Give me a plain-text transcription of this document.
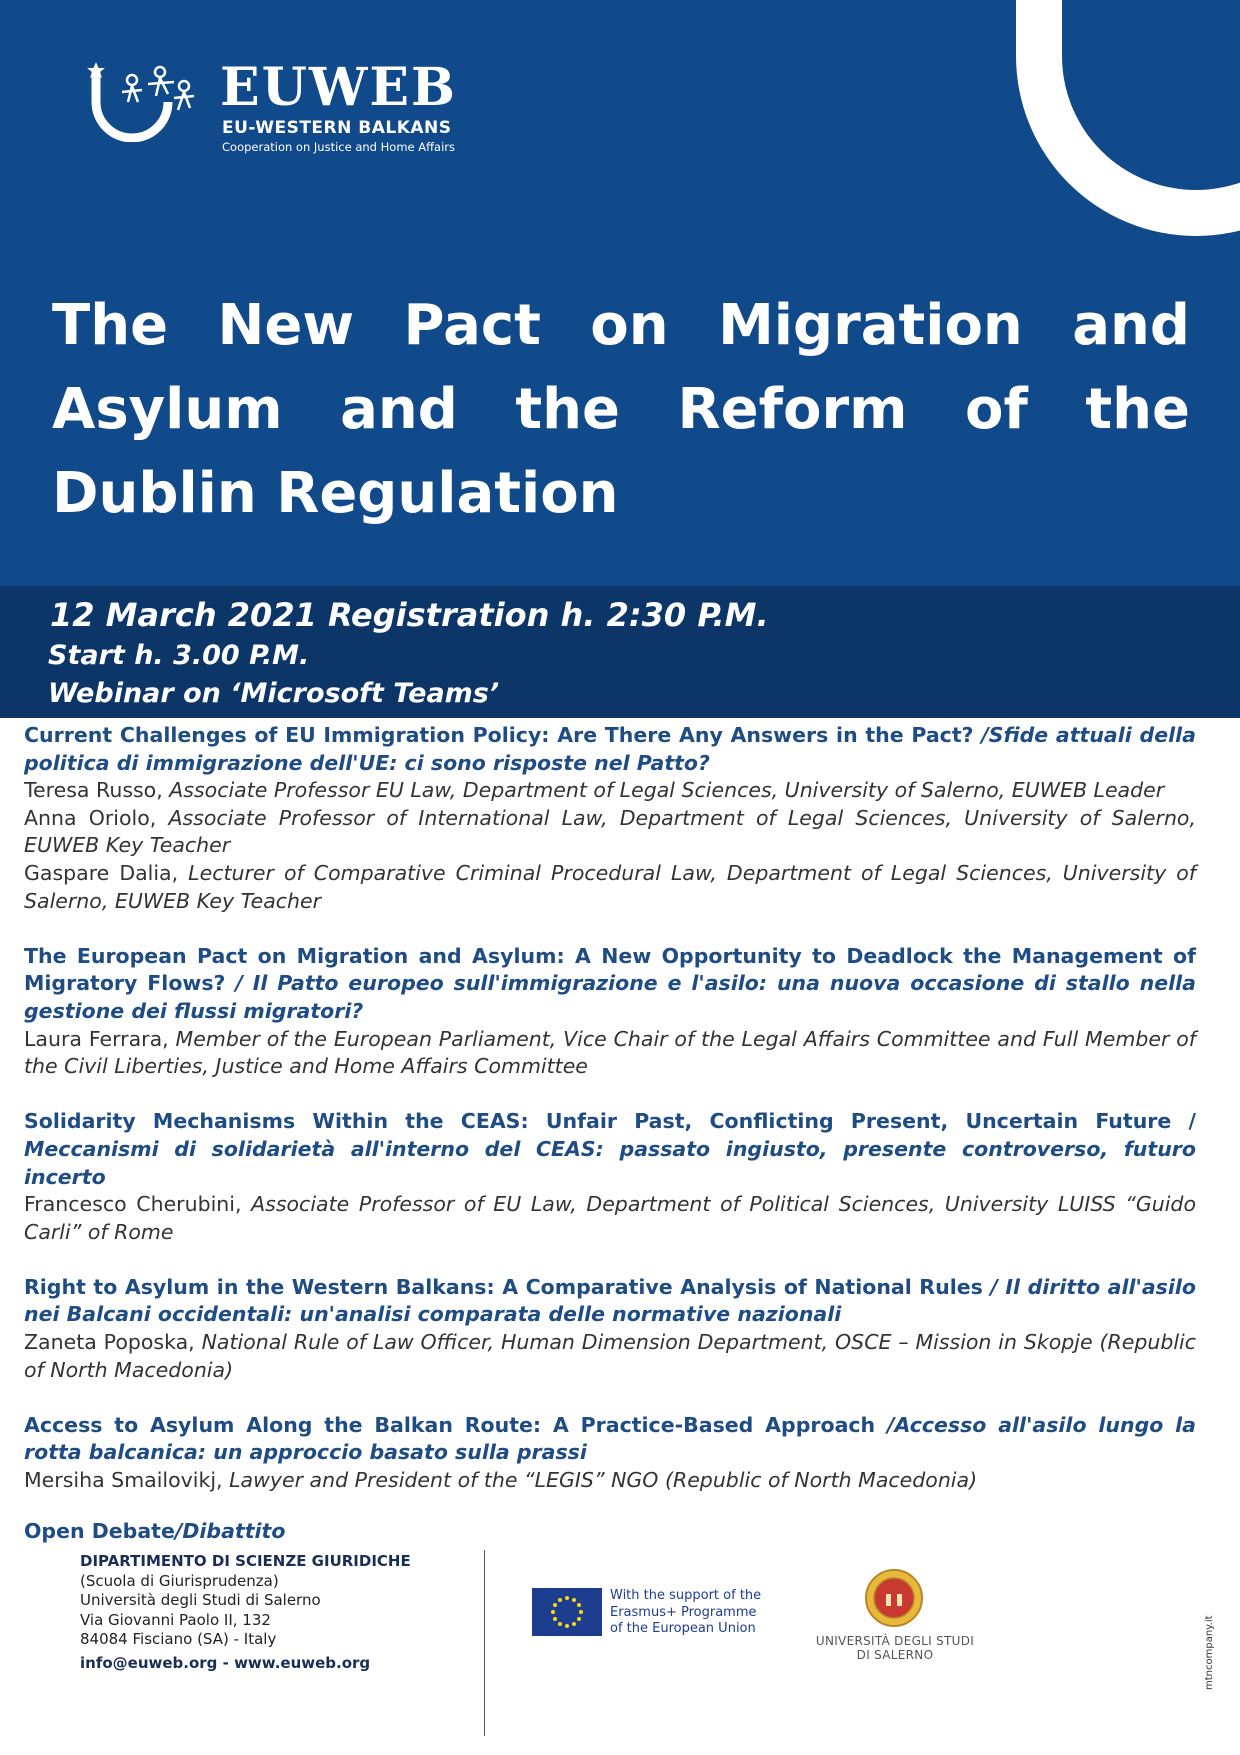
EUWEB
EU-WESTERN BALKANS
Cooperation on Justice and Home Affairs
The New Pact on Migration and Asylum and the Reform of the Dublin Regulation
12 March 2021 Registration h. 2:30 P.M.
Start h. 3.00 P.M.
Webinar on ‘Microsoft Teams’
Current Challenges of EU Immigration Policy: Are There Any Answers in the Pact? /Sfide attuali della politica di immigrazione dell'UE: ci sono risposte nel Patto?
Teresa Russo, Associate Professor EU Law, Department of Legal Sciences, University of Salerno, EUWEB Leader
Anna Oriolo, Associate Professor of International Law, Department of Legal Sciences, University of Salerno, EUWEB Key Teacher
Gaspare Dalia, Lecturer of Comparative Criminal Procedural Law, Department of Legal Sciences, University of Salerno, EUWEB Key Teacher
The European Pact on Migration and Asylum: A New Opportunity to Deadlock the Management of Migratory Flows? / Il Patto europeo sull'immigrazione e l'asilo: una nuova occasione di stallo nella gestione dei flussi migratori?
Laura Ferrara, Member of the European Parliament, Vice Chair of the Legal Affairs Committee and Full Member of the Civil Liberties, Justice and Home Affairs Committee
Solidarity Mechanisms Within the CEAS: Unfair Past, Conflicting Present, Uncertain Future / Meccanismi di solidarietà all'interno del CEAS: passato ingiusto, presente controverso, futuro incerto
Francesco Cherubini, Associate Professor of EU Law, Department of Political Sciences, University LUISS “Guido Carli” of Rome
Right to Asylum in the Western Balkans: A Comparative Analysis of National Rules / Il diritto all'asilo nei Balcani occidentali: un'analisi comparata delle normative nazionali
Zaneta Poposka, National Rule of Law Officer, Human Dimension Department, OSCE – Mission in Skopje (Republic of North Macedonia)
Access to Asylum Along the Balkan Route: A Practice-Based Approach /Accesso all'asilo lungo la rotta balcanica: un approccio basato sulla prassi
Mersiha Smailovikj, Lawyer and President of the “LEGIS” NGO (Republic of North Macedonia)
Open Debate/Dibattito
DIPARTIMENTO DI SCIENZE GIURIDICHE
(Scuola di Giurisprudenza)
Università degli Studi di Salerno
Via Giovanni Paolo II, 132
84084 Fisciano (SA) - Italy
info@euweb.org - www.euweb.org
With the support of the
Erasmus+ Programme
of the European Union
UNIVERSITÀ DEGLI STUDI
DI SALERNO	mtncompany.it
